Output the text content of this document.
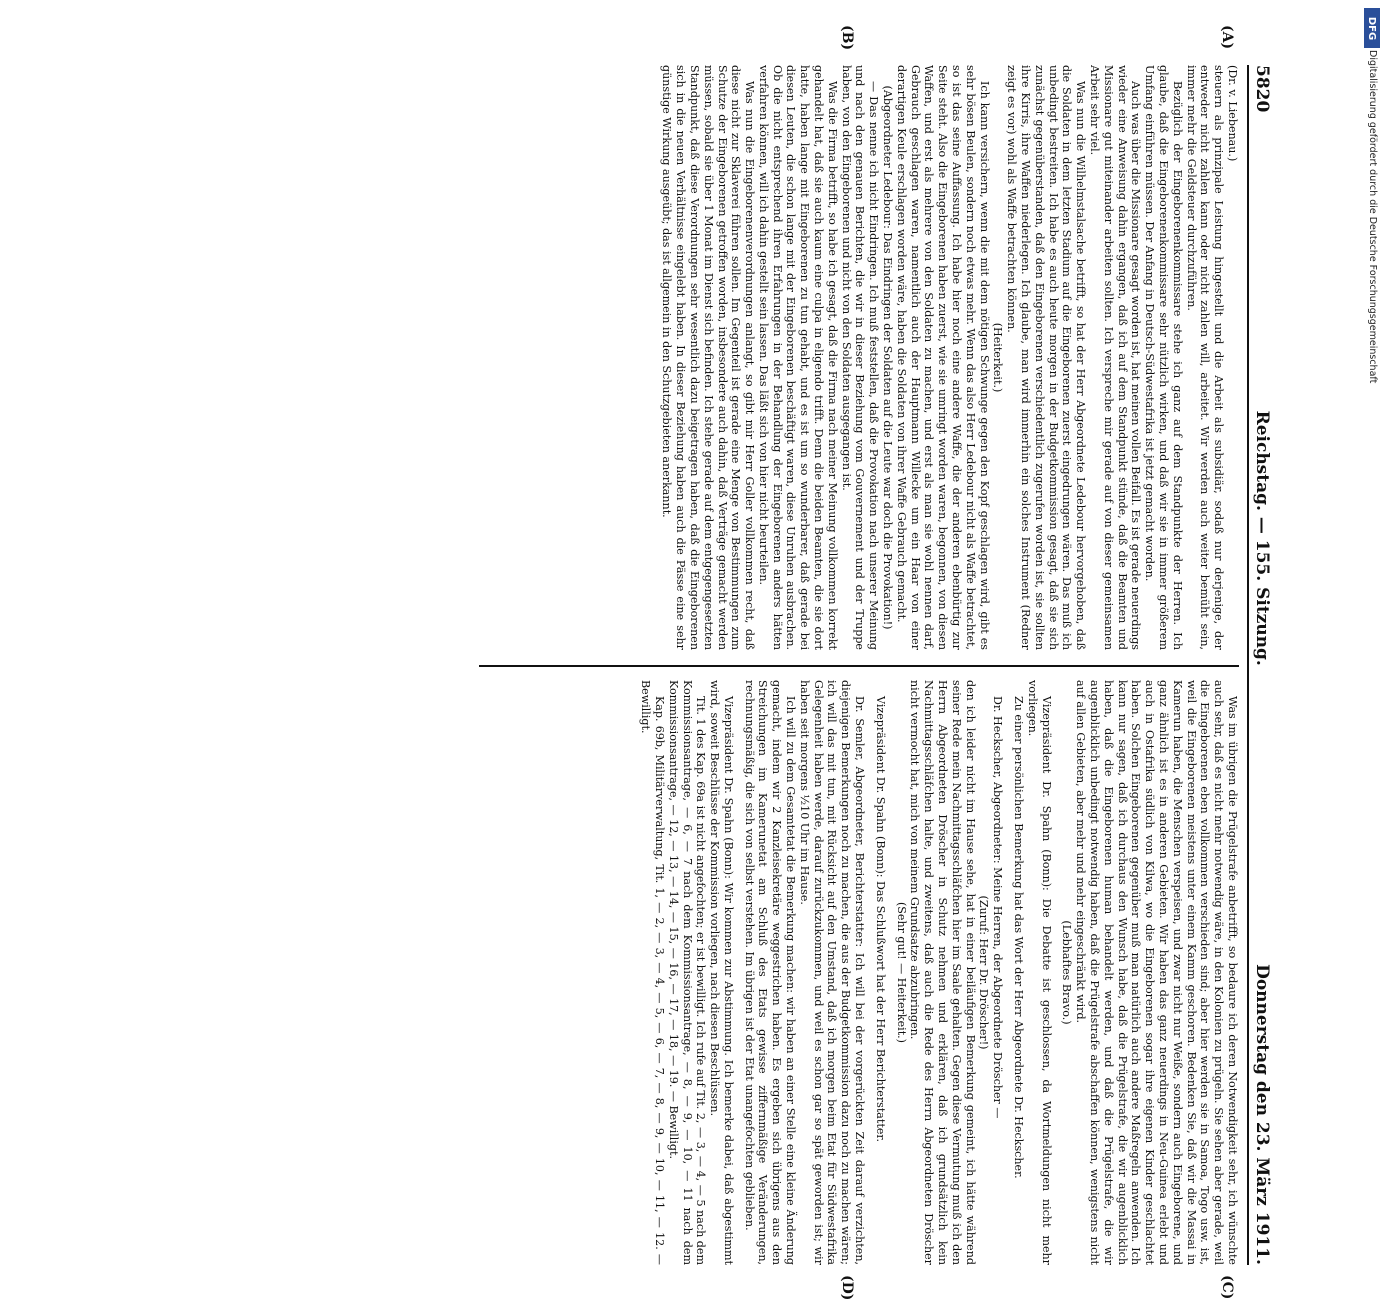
5820
Reichstag. — 155. Sitzung.
Donnerstag den 23. März 1911.

(Dr. v. Liebenau.)

steuern als prinzipale Leistung hingestellt und die Arbeit als subsidiär, sodaß nur derjenige, der entweder nicht zahlen kann oder nicht zahlen will, arbeitet. Wir werden auch weiter bemüht sein, immer mehr die Geldsteuer durchzuführen.

Bezüglich der Eingeborenenkommissare stehe ich ganz auf dem Standpunkte der Herren. Ich glaube, daß die Eingeborenenkommissare sehr nützlich wirken, und daß wir sie in immer größerem Umfang einführen müssen. Der Anfang in Deutsch-Südwestafrika ist jetzt gemacht worden.

Auch was über die Missionare gesagt worden ist, hat meinen vollen Beifall. Es ist gerade neuerdings wieder eine Anweisung dahin ergangen, daß ich auf dem Standpunkt stünde, daß die Beamten und Missionare gut miteinander arbeiten sollten. Ich verspreche mir gerade auf von dieser gemeinsamen Arbeit sehr viel.

Was nun die Wilhelmstalsache betrifft, so hat der Herr Abgeordnete Ledebour hervorgehoben, daß die Soldaten in dem letzten Stadium auf die Eingeborenen zuerst eingedrungen wären. Das muß ich unbedingt bestreiten. Ich habe es auch heute morgen in der Budgetkommission gesagt, daß sie sich zunächst gegenüberstanden, daß den Eingeborenen verschiedentlich zugerufen worden ist, sie sollten ihre Kirris, ihre Waffen niederlegen. Ich glaube, man wird immerhin ein solches Instrument (Redner zeigt es vor) wohl als Waffe betrachten können.

(Heiterkeit.)

Ich kann versichern, wenn die mit dem nötigen Schwunge gegen den Kopf geschlagen wird, gibt es sehr bösen Beulen, sondern noch etwas mehr. Wenn das also Herr Ledebour nicht als Waffe betrachtet, so ist das seine Auffassung. Ich habe hier noch eine andere Waffe, die der anderen ebenbürtig zur Seite steht. Also die Eingeborenen haben zuerst, wie sie umringt worden waren, begonnen, von diesen Waffen, und erst als mehrere von den Soldaten zu machen, und erst als man sie wohl nennen darf, Gebrauch geschlagen waren, namentlich auch der Hauptmann Willecke um ein Haar von einer derartigen Keule erschlagen worden wäre, haben die Soldaten von ihrer Waffe Gebrauch gemacht.

(Abgeordneter Ledebour: Das Eindringen der Soldaten auf die Leute war doch die Provokation!)

— Das nenne ich nicht Eindringen. Ich muß feststellen, daß die Provokation nach unserer Meinung und nach den genauen Berichten, die wir in dieser Beziehung vom Gouvernement und der Truppe haben, von den Eingeborenen und nicht von den Soldaten ausgegangen ist.

Was die Firma betrifft, so habe ich gesagt, daß die Firma nach meiner Meinung vollkommen korrekt gehandelt hat, daß sie auch kaum eine culpa in eligendo trifft. Denn die beiden Beamten, die sie dort hatte, haben lange mit Eingeborenen zu tun gehabt, und es ist um so wunderbarer, daß gerade bei diesen Leuten, die schon lange mit der Eingeborenen beschäftigt waren, diese Unruhen ausbrachen. Ob die nicht entsprechend ihren Erfahrungen in der Behandlung der Eingeborenen anders hätten verfahren können, will ich dahin gestellt sein lassen. Das läßt sich von hier nicht beurteilen.

Was nun die Eingeborenenverordnungen anlangt, so gibt mir Herr Goller vollkommen recht, daß diese nicht zur Sklaverei führen sollen. Im Gegenteil ist gerade eine Menge von Bestimmungen zum Schutze der Eingeborenen getroffen worden, insbesondere auch dahin, daß Verträge gemacht werden müssen, sobald sie über 1 Monat im Dienst sich befinden. Ich stehe gerade auf dem entgegengesetzten Standpunkt, daß diese Verordnungen sehr wesentlich dazu beigetragen haben, daß die Eingeborenen sich in die neuen Verhältnisse eingelebt haben. In dieser Beziehung haben auch die Pässe eine sehr günstige Wirkung ausgeübt; das ist allgemein in den Schutzgebieten anerkannt.

Was im übrigen die Prügelstrafe anbetrifft, so bedaure ich deren Notwendigkeit sehr, ich wünschte auch sehr, daß es nicht mehr notwendig wäre, in den Kolonien zu prügeln. Sie sehen aber gerade, weil die Eingeborenen eben vollkommen verschieden sind; aber hier werden sie in Samoa, Togo usw. ist, weil die Eingeborenen meistens unter einem Kamm geschoren. Bedenken Sie, daß wir die Massai in Kamerun haben, die Menschen verspeisen, und zwar nicht nur Weiße, sondern auch Eingeborene, und ganz ähnlich ist es in anderen Gebieten. Wir haben das ganz neuerdings in Neu-Guinea erlebt und auch in Ostafrika südlich von Kilwa, wo die Eingeborenen sogar ihre eigenen Kinder geschlachtet haben. Solchen Eingeborenen gegenüber muß man natürlich auch andere Maßregeln anwenden. Ich kann nur sagen, daß ich durchaus den Wunsch habe, daß die Prügelstrafe, die wir augenblicklich haben, daß die Eingeborenen human behandelt werden, und daß die Prügelstrafe, die wir augenblicklich unbedingt notwendig haben, daß die Prügelstrafe abschaffen können, wenigstens nicht auf allen Gebieten, aber mehr und mehr eingeschränkt wird.

(Lebhaftes Bravo.)

Vizepräsident Dr. Spahn (Bonn): Die Debatte ist geschlossen, da Wortmeldungen nicht mehr vorliegen.

Zu einer persönlichen Bemerkung hat das Wort der Herr Abgeordnete Dr. Heckscher.

Dr. Heckscher, Abgeordneter: Meine Herren, der Abgeordnete Dröscher —

(Zuruf: Herr Dr. Dröscher!)

den ich leider nicht im Hause sehe, hat in einer beiläufigen Bemerkung gemeint, ich hätte während seiner Rede mein Nachmittagsschläfchen hier im Saale gehalten. Gegen diese Vermutung muß ich den Herrn Abgeordneten Dröscher in Schutz nehmen und erklären, daß ich grundsätzlich kein Nachmittagsschläfchen halte, und zweitens, daß auch die Rede des Herrn Abgeordneten Dröscher nicht vermocht hat, mich von meinem Grundsatze abzubringen.

(Sehr gut! — Heiterkeit.)

Vizepräsident Dr. Spahn (Bonn): Das Schlußwort hat der Herr Berichterstatter.

Dr. Semler, Abgeordneter, Berichterstatter: Ich will bei der vorgerückten Zeit darauf verzichten, diejenigen Bemerkungen noch zu machen, die aus der Budgetkommission dazu noch zu machen wären; ich will das mit tun, mit Rücksicht auf den Umstand, daß ich morgen beim Etat für Südwestafrika Gelegenheit haben werde, darauf zurückzukommen, und weil es schon gar so spät geworden ist; wir haben seit morgens ½10 Uhr im Hause.

Ich will zu dem Gesamtetat die Bemerkung machen: wir haben an einer Stelle eine kleine Änderung gemacht, indem wir 2 Kanzleisekretäre weggestrichen haben. Es ergeben sich übrigens aus den Streichungen im Kamerunetat am Schluß des Etats gewisse ziffernmäßige Veränderungen, rechnungsmäßig, die sich von selbst verstehen. Im übrigen ist der Etat unangefochten geblieben.

Vizepräsident Dr. Spahn (Bonn): Wir kommen zur Abstimmung. Ich bemerke dabei, daß abgestimmt wird, soweit Beschlüsse der Kommission vorliegen, nach diesen Beschlüssen.

Tit. 1 des Kap. 69a ist nicht angefochten; er ist bewilligt. Ich rufe auf Tit. 2, — 3, — 4, — 5 nach dem Kommissionsantrage, — 6, — 7 nach dem Kommissionsantrage, — 8, — 9, — 10, — 11 nach dem Kommissionsantrage, — 12, — 13, — 14, — 15, — 16, — 17, — 18, — 19. — Bewilligt.

Kap. 69b, Militärverwaltung, Tit. 1, — 2, — 3, — 4, — 5, — 6, — 7, — 8, — 9, — 10, — 11, — 12. — Bewilligt.

(A)
(B)
(C)
(D)
DFG
Digitalisierung gefördert durch die Deutsche Forschungsgemeinschaft
